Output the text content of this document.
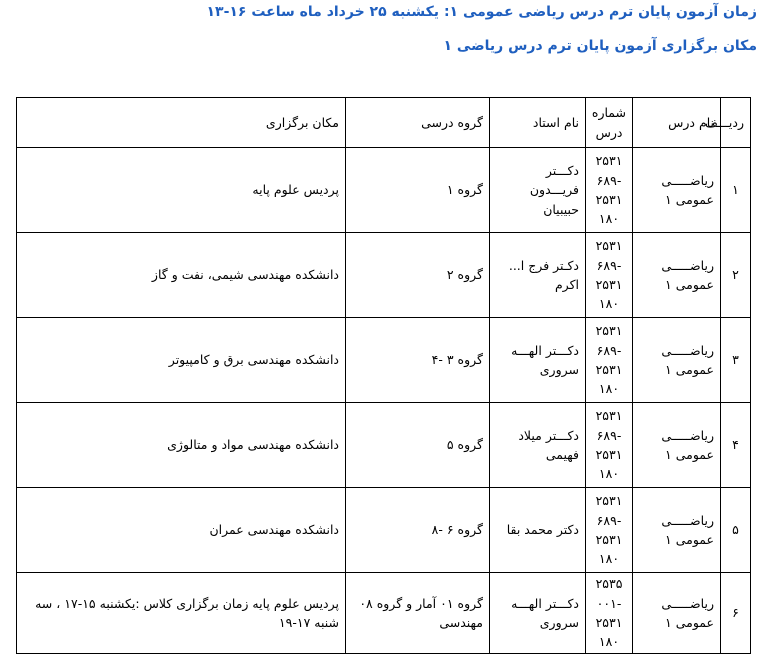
زمان آزمون پایان ترم درس ریاضی عمومی ۱: یکشنبه ۲۵ خرداد ماه ساعت ۱۶-۱۳
مکان برگزاری آزمون پایان ترم درس ریاضی ۱
ردیـــف	نام درس	شماره درس	نام استاد	گروه درسی	مکان برگزاری
۱	ریاضـــــی عمومی ۱	۲۵۳۱
-۶۸۹
۲۵۳۱
۱۸۰	دکـــتر فریـــدون حبیبیان	گروه ۱	پردیس علوم پایه
۲	ریاضـــــی عمومی ۱	۲۵۳۱
-۶۸۹
۲۵۳۱
۱۸۰	دکـتر فرج ا... اکرم	گروه ۲	دانشکده مهندسی شیمی، نفت و گاز
۳	ریاضـــــی عمومی ۱	۲۵۳۱
-۶۸۹
۲۵۳۱
۱۸۰	دکـــتر الهـــه سروری	گروه ۳ -۴	دانشکده مهندسی برق و کامپیوتر
۴	ریاضـــــی عمومی ۱	۲۵۳۱
-۶۸۹
۲۵۳۱
۱۸۰	دکـــتر میلاد فهیمی	گروه ۵	دانشکده مهندسی مواد و متالوژی
۵	ریاضـــــی عمومی ۱	۲۵۳۱
-۶۸۹
۲۵۳۱
۱۸۰	دکتر محمد بقا	گروه ۶ -۸	دانشکده مهندسی عمران
۶	ریاضـــــی عمومی ۱	۲۵۳۵
-۰۰۱
۲۵۳۱
۱۸۰	دکـــتر الهـــه سروری	گروه ۰۱ آمار و گروه ۰۸ مهندسی	پردیس علوم پایه زمان برگزاری کلاس :یکشنبه ۱۵-۱۷ ، سه شنبه ۱۷-۱۹
